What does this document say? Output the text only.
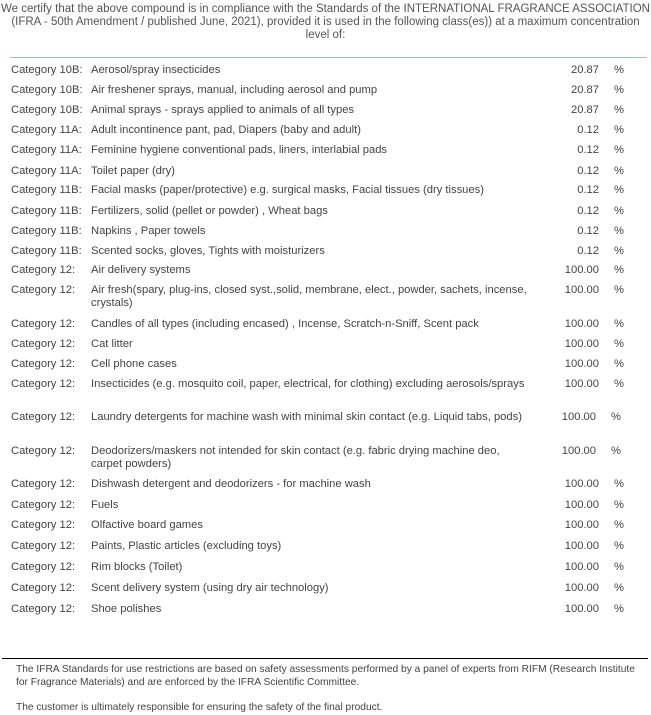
We certify that the above compound is in compliance with the Standards of the INTERNATIONAL FRAGRANCE ASSOCIATION (IFRA - 50th Amendment / published June, 2021), provided it is used in the following class(es)) at a maximum concentration level of:
Category 10B: Aerosol/spray insecticides	20.87 %
Category 10B: Air freshener sprays, manual, including aerosol and pump	20.87 %
Category 10B: Animal sprays - sprays applied to animals of all types	20.87 %
Category 11A: Adult incontinence pant, pad, Diapers (baby and adult)	0.12 %
Category 11A: Feminine hygiene conventional pads, liners, interlabial pads	0.12 %
Category 11A: Toilet paper (dry)	0.12 %
Category 11B: Facial masks (paper/protective) e.g. surgical masks, Facial tissues (dry tissues)	0.12 %
Category 11B: Fertilizers, solid (pellet or powder) , Wheat bags	0.12 %
Category 11B: Napkins , Paper towels	0.12 %
Category 11B: Scented socks, gloves, Tights with moisturizers	0.12 %
Category 12: Air delivery systems	100.00 %
Category 12: Air fresh(spary, plug-ins, closed syst.,solid, membrane, elect., powder, sachets, incense, crystals)
100.00 %
Category 12: Candles of all types (including encased) , Incense, Scratch-n-Sniff, Scent pack	100.00 %
Category 12: Cat litter	100.00 %
Category 12: Cell phone cases	100.00 %
Category 12: Insecticides (e.g. mosquito coil, paper, electrical, for clothing) excluding aerosols/sprays	100.00 %
Category 12: Laundry detergents for machine wash with minimal skin contact (e.g. Liquid tabs, pods)	100.00 %
Category 12: Deodorizers/maskers not intended for skin contact (e.g. fabric drying machine deo, carpet powders)
100.00 %
Category 12: Dishwash detergent and deodorizers - for machine wash	100.00 %
Category 12: Fuels	100.00 %
Category 12: Olfactive board games	100.00 %
Category 12: Paints, Plastic articles (excluding toys)	100.00 %
Category 12: Rim blocks (Toilet)	100.00 %
Category 12: Scent delivery system (using dry air technology)	100.00 %
Category 12: Shoe polishes	100.00 %
The IFRA Standards for use restrictions are based on safety assessments performed by a panel of experts from RIFM (Research Institute for Fragrance Materials) and are enforced by the IFRA Scientific Committee.
The customer is ultimately responsible for ensuring the safety of the final product.
